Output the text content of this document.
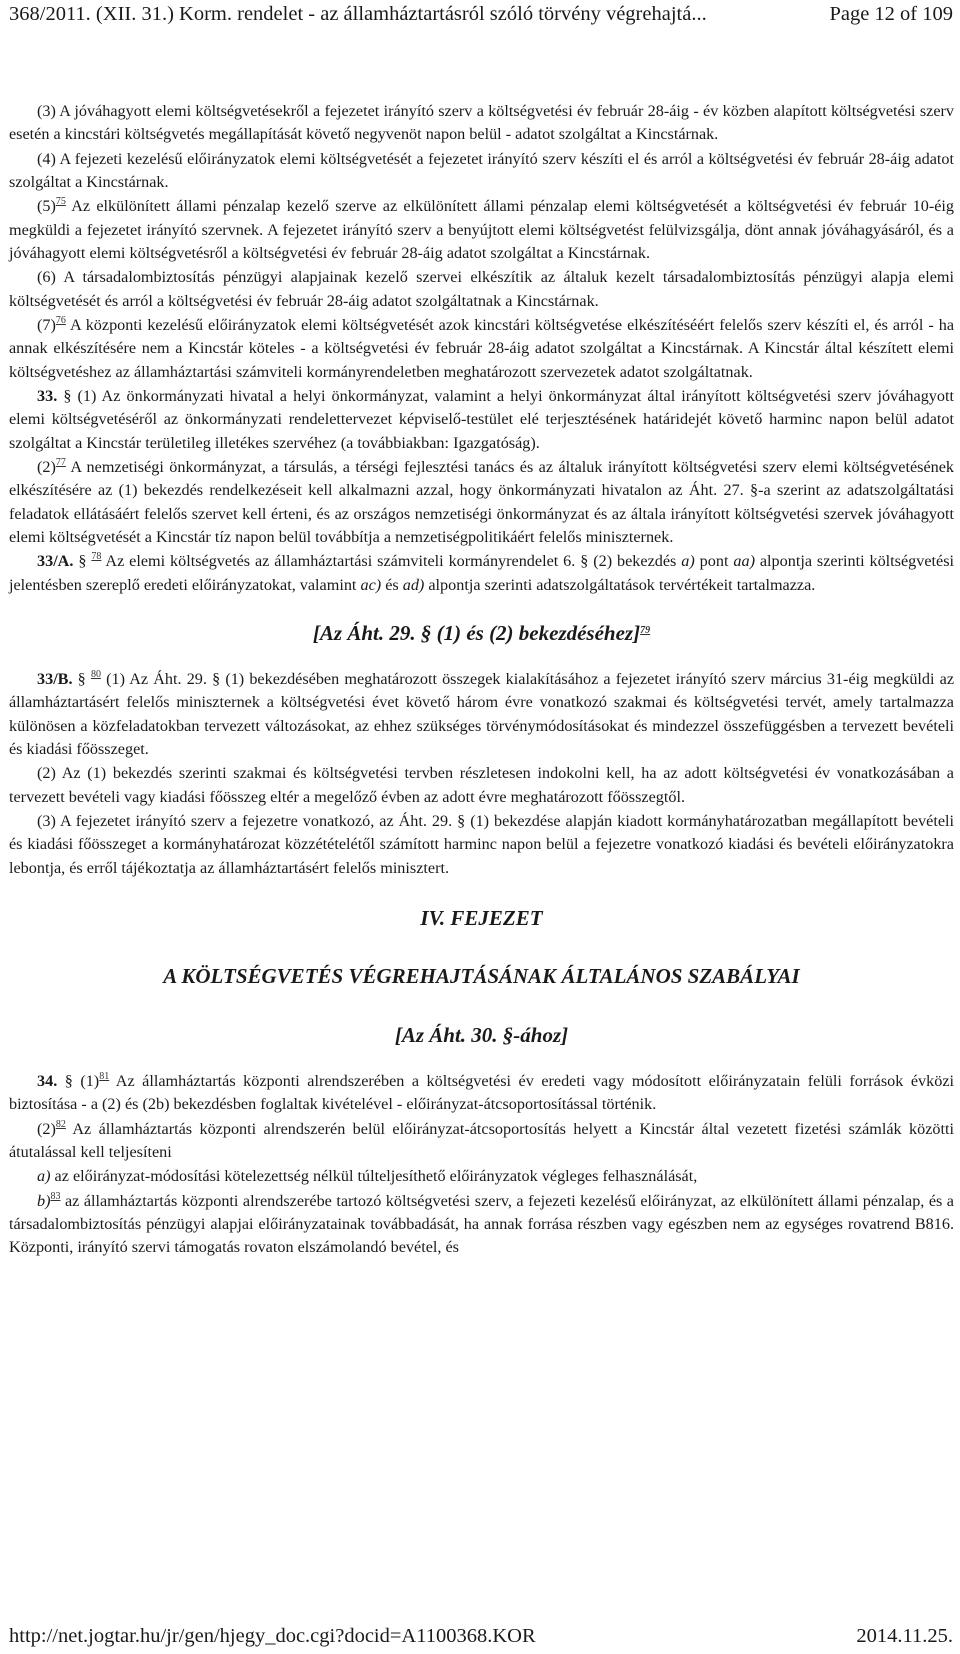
368/2011. (XII. 31.) Korm. rendelet - az államháztartásról szóló törvény végrehajtá...	Page 12 of 109

(3) A jóváhagyott elemi költségvetésekről a fejezetet irányító szerv a költségvetési év február 28-áig - év közben alapított költségvetési szerv esetén a kincstári költségvetés megállapítását követő negyvenöt napon belül - adatot szolgáltat a Kincstárnak.

(4) A fejezeti kezelésű előirányzatok elemi költségvetését a fejezetet irányító szerv készíti el és arról a költségvetési év február 28-áig adatot szolgáltat a Kincstárnak.

(5)$^{75}$ Az elkülönített állami pénzalap kezelő szerve az elkülönített állami pénzalap elemi költségvetését a költségvetési év február 10-éig megküldi a fejezetet irányító szervnek. A fejezetet irányító szerv a benyújtott elemi költségvetést felülvizsgálja, dönt annak jóváhagyásáról, és a jóváhagyott elemi költségvetésről a költségvetési év február 28-áig adatot szolgáltat a Kincstárnak.

(6) A társadalombiztosítás pénzügyi alapjainak kezelő szervei elkészítik az általuk kezelt társadalombiztosítás pénzügyi alapja elemi költségvetését és arról a költségvetési év február 28-áig adatot szolgáltatnak a Kincstárnak.

(7)$^{76}$ A központi kezelésű előirányzatok elemi költségvetését azok kincstári költségvetése elkészítéséért felelős szerv készíti el, és arról - ha annak elkészítésére nem a Kincstár köteles - a költségvetési év február 28-áig adatot szolgáltat a Kincstárnak. A Kincstár által készített elemi költségvetéshez az államháztartási számviteli kormányrendeletben meghatározott szervezetek adatot szolgáltatnak.

33. § (1) Az önkormányzati hivatal a helyi önkormányzat, valamint a helyi önkormányzat által irányított költségvetési szerv jóváhagyott elemi költségvetéséről az önkormányzati rendelettervezet képviselő-testület elé terjesztésének határidejét követő harminc napon belül adatot szolgáltat a Kincstár területileg illetékes szervéhez (a továbbiakban: Igazgatóság).

(2)$^{77}$ A nemzetiségi önkormányzat, a társulás, a térségi fejlesztési tanács és az általuk irányított költségvetési szerv elemi költségvetésének elkészítésére az (1) bekezdés rendelkezéseit kell alkalmazni azzal, hogy önkormányzati hivatalon az Áht. 27. §-a szerint az adatszolgáltatási feladatok ellátásáért felelős szervet kell érteni, és az országos nemzetiségi önkormányzat és az általa irányított költségvetési szervek jóváhagyott elemi költségvetését a Kincstár tíz napon belül továbbítja a nemzetiségpolitikáért felelős miniszternek.

33/A. § $^{78}$ Az elemi költségvetés az államháztartási számviteli kormányrendelet 6. § (2) bekezdés a) pont aa) alpontja szerinti költségvetési jelentésben szereplő eredeti előirányzatokat, valamint ac) és ad) alpontja szerinti adatszolgáltatások tervértékeit tartalmazza.

[Az Áht. 29. § (1) és (2) bekezdéséhez]$^{79}$

33/B. § $^{80}$ (1) Az Áht. 29. § (1) bekezdésében meghatározott összegek kialakításához a fejezetet irányító szerv március 31-éig megküldi az államháztartásért felelős miniszternek a költségvetési évet követő három évre vonatkozó szakmai és költségvetési tervét, amely tartalmazza különösen a közfeladatokban tervezett változásokat, az ehhez szükséges törvénymódosításokat és mindezzel összefüggésben a tervezett bevételi és kiadási főösszeget.

(2) Az (1) bekezdés szerinti szakmai és költségvetési tervben részletesen indokolni kell, ha az adott költségvetési év vonatkozásában a tervezett bevételi vagy kiadási főösszeg eltér a megelőző évben az adott évre meghatározott főösszegtől.

(3) A fejezetet irányító szerv a fejezetre vonatkozó, az Áht. 29. § (1) bekezdése alapján kiadott kormányhatározatban megállapított bevételi és kiadási főösszeget a kormányhatározat közzétételétől számított harminc napon belül a fejezetre vonatkozó kiadási és bevételi előirányzatokra lebontja, és erről tájékoztatja az államháztartásért felelős minisztert.

IV. FEJEZET

A KÖLTSÉGVETÉS VÉGREHAJTÁSÁNAK ÁLTALÁNOS SZABÁLYAI

[Az Áht. 30. §-ához]

34. § (1)$^{81}$ Az államháztartás központi alrendszerében a költségvetési év eredeti vagy módosított előirányzatain felüli források évközi biztosítása - a (2) és (2b) bekezdésben foglaltak kivételével - előirányzat-átcsoportosítással történik.

(2)$^{82}$ Az államháztartás központi alrendszerén belül előirányzat-átcsoportosítás helyett a Kincstár által vezetett fizetési számlák közötti átutalással kell teljesíteni

a) az előirányzat-módosítási kötelezettség nélkül túlteljesíthető előirányzatok végleges felhasználását,

b)$^{83}$ az államháztartás központi alrendszerébe tartozó költségvetési szerv, a fejezeti kezelésű előirányzat, az elkülönített állami pénzalap, és a társadalombiztosítás pénzügyi alapjai előirányzatainak továbbadását, ha annak forrása részben vagy egészben nem az egységes rovatrend B816. Központi, irányító szervi támogatás rovaton elszámolandó bevétel, és

http://net.jogtar.hu/jr/gen/hjegy_doc.cgi?docid=A1100368.KOR	2014.11.25.
